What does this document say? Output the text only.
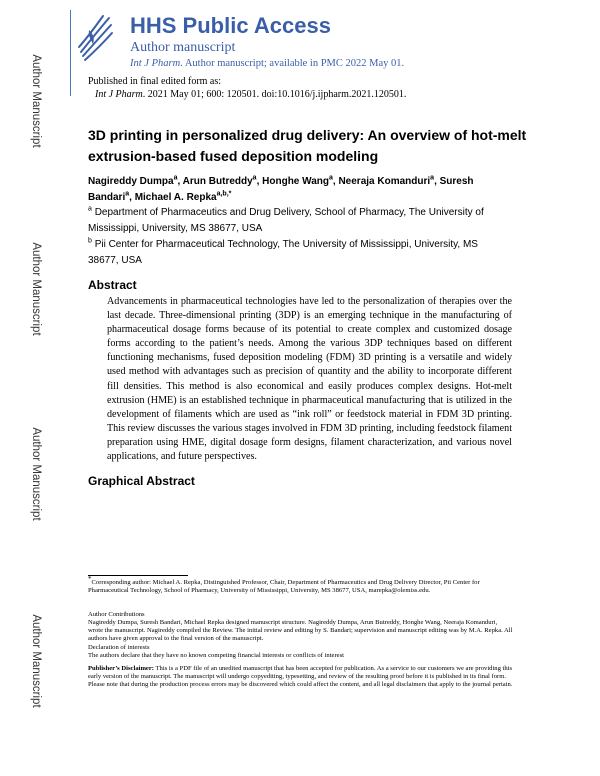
Author Manuscript
Author Manuscript
Author Manuscript
Author Manuscript
HHS Public Access
Author manuscript
Int J Pharm. Author manuscript; available in PMC 2022 May 01.
Published in final edited form as:
Int J Pharm. 2021 May 01; 600: 120501. doi:10.1016/j.ijpharm.2021.120501.
3D printing in personalized drug delivery: An overview of hot-melt extrusion-based fused deposition modeling
Nagireddy Dumpa$^a$, Arun Butreddy$^a$, Honghe Wang$^a$, Neeraja Komanduri$^a$, Suresh Bandari$^a$, Michael A. Repka$^{a,b,*}$
$^a$ Department of Pharmaceutics and Drug Delivery, School of Pharmacy, The University of Mississippi, University, MS 38677, USA
$^b$ Pii Center for Pharmaceutical Technology, The University of Mississippi, University, MS 38677, USA
Abstract
Advancements in pharmaceutical technologies have led to the personalization of therapies over the last decade. Three-dimensional printing (3DP) is an emerging technique in the manufacturing of pharmaceutical dosage forms because of its potential to create complex and customized dosage forms according to the patient’s needs. Among the various 3DP techniques based on different functioning mechanisms, fused deposition modeling (FDM) 3D printing is a versatile and widely used method with advantages such as precision of quantity and the ability to incorporate different fill densities. This method is also economical and easily produces complex designs. Hot-melt extrusion (HME) is an established technique in pharmaceutical manufacturing that is utilized in the development of filaments which are used as “ink roll” or feedstock material in FDM 3D printing. This review discusses the various stages involved in FDM 3D printing, including feedstock filament preparation using HME, digital dosage form designs, filament characterization, and various novel applications, and future perspectives.
Graphical Abstract
*Corresponding author: Michael A. Repka, Distinguished Professor, Chair, Department of Pharmaceutics and Drug Delivery Director, Pii Center for Pharmaceutical Technology, School of Pharmacy, University of Mississippi, University, MS 38677, USA, marepka@olemiss.edu.
Author Contributions
Nagireddy Dumpa, Suresh Bandari, Michael Repka designed manuscript structure. Nagireddy Dumpa, Arun Butreddy, Honghe Wang, Neeraja Komanduri, wrote the manuscript. Nagireddy compiled the Review. The initial review and editing by S. Bandari; supervision and manuscript editing was by M.A. Repka. All authors have given approval to the final version of the manuscript.
Declaration of interests
The authors declare that they have no known competing financial interests or conflicts of interest
Publisher’s Disclaimer: This is a PDF file of an unedited manuscript that has been accepted for publication. As a service to our customers we are providing this early version of the manuscript. The manuscript will undergo copyediting, typesetting, and review of the resulting proof before it is published in its final form. Please note that during the production process errors may be discovered which could affect the content, and all legal disclaimers that apply to the journal pertain.
